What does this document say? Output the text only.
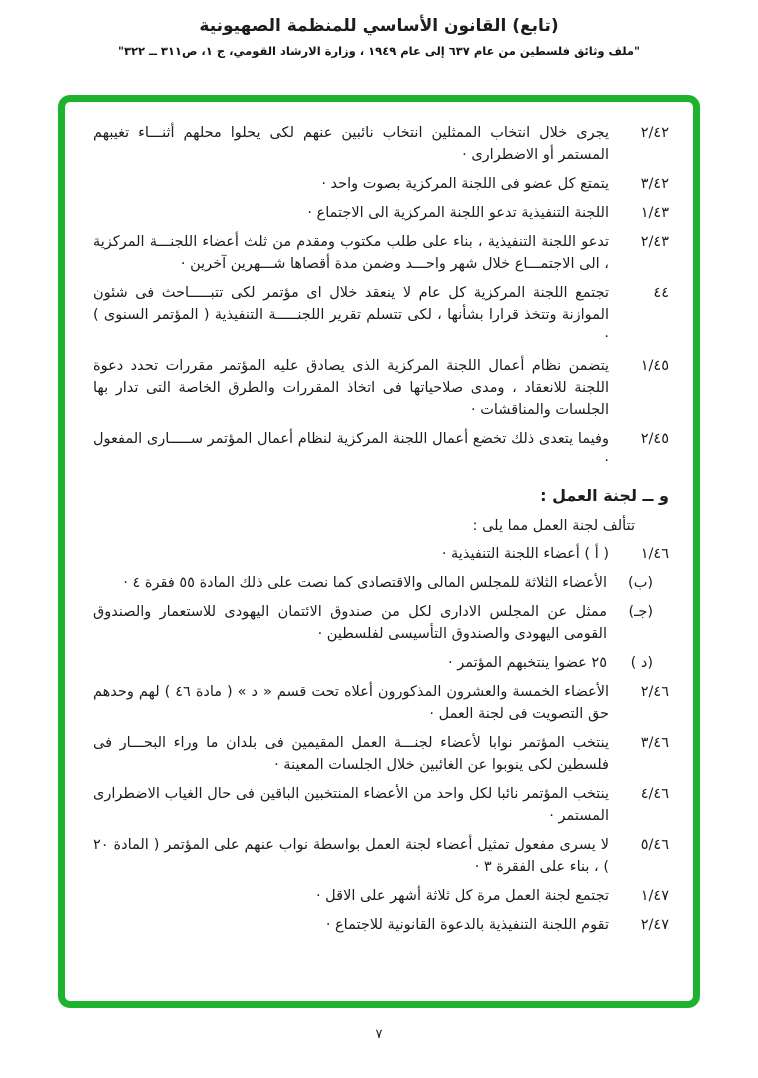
(تابع) القانون الأساسي للمنظمة الصهيونية

"ملف وثائق فلسطين من عام ٦٣٧ إلى عام ١٩٤٩ ، وزارة الارشاد القومي، ج ١، ص٣١١ ــ ٣٢٢"

٢/٤٢

يجرى خلال انتخاب الممثلين انتخاب نائبين عنهم لكى يحلوا محلهم أثنـــاء تغيبهم المستمر أو الاضطرارى ·

٣/٤٢

يتمتع كل عضو فى اللجنة المركزية بصوت واحد ·

١/٤٣

اللجنة التنفيذية تدعو اللجنة المركزية الى الاجتماع ·

٢/٤٣

تدعو اللجنة التنفيذية ، بناء على طلب مكتوب ومقدم من ثلث أعضاء اللجنـــة المركزية ، الى الاجتمـــاع خلال شهر واحـــد وضمن مدة أقصاها شـــهرين آخرين ·

٤٤

تجتمع اللجنة المركزية كل عام لا ينعقد خلال اى مؤتمر لكى تتبـــــاحث فى شئون الموازنة وتتخذ قرارا بشأنها ، لكى تتسلم تقرير اللجنـــــة التنفيذية ( المؤتمر السنوى ) ·

١/٤٥

يتضمن نظام أعمال اللجنة المركزية الذى يصادق عليه المؤتمر مقررات تحدد دعوة اللجنة للانعقاد ، ومدى صلاحياتها فى اتخاذ المقررات والطرق الخاصة التى تدار بها الجلسات والمناقشات ·

٢/٤٥

وفيما يتعدى ذلك تخضع أعمال اللجنة المركزية لنظام أعمال المؤتمر ســـــارى المفعول ·

و ــ لجنة العمل :

تتألف لجنة العمل مما يلى :

١/٤٦

( أ ) أعضاء اللجنة التنفيذية ·

(ب)

الأعضاء الثلاثة للمجلس المالى والاقتصادى كما نصت على ذلك المادة ٥٥ فقرة ٤ ·

(جـ)

ممثل عن المجلس الادارى لكل من صندوق الائتمان اليهودى للاستعمار والصندوق القومى اليهودى والصندوق التأسيسى لفلسطين ·

(د )

٢٥ عضوا ينتخبهم المؤتمر ·

٢/٤٦

الأعضاء الخمسة والعشرون المذكورون أعلاه تحت قسم « د » ( مادة ٤٦ ) لهم وحدهم حق التصويت فى لجنة العمل ·

٣/٤٦

ينتخب المؤتمر نوابا لأعضاء لجنـــة العمل المقيمين فى بلدان ما وراء البحـــار فى فلسطين لكى ينوبوا عن الغائبين خلال الجلسات المعينة ·

٤/٤٦

ينتخب المؤتمر نائبا لكل واحد من الأعضاء المنتخبين الباقين فى حال الغياب الاضطرارى المستمر ·

٥/٤٦

لا يسرى مفعول تمثيل أعضاء لجنة العمل بواسطة نواب عنهم على المؤتمر ( المادة ٢٠ ) ، بناء على الفقرة ٣ ·

١/٤٧

تجتمع لجنة العمل مرة كل ثلاثة أشهر على الاقل ·

٢/٤٧

تقوم اللجنة التنفيذية بالدعوة القانونية للاجتماع ·

٧
